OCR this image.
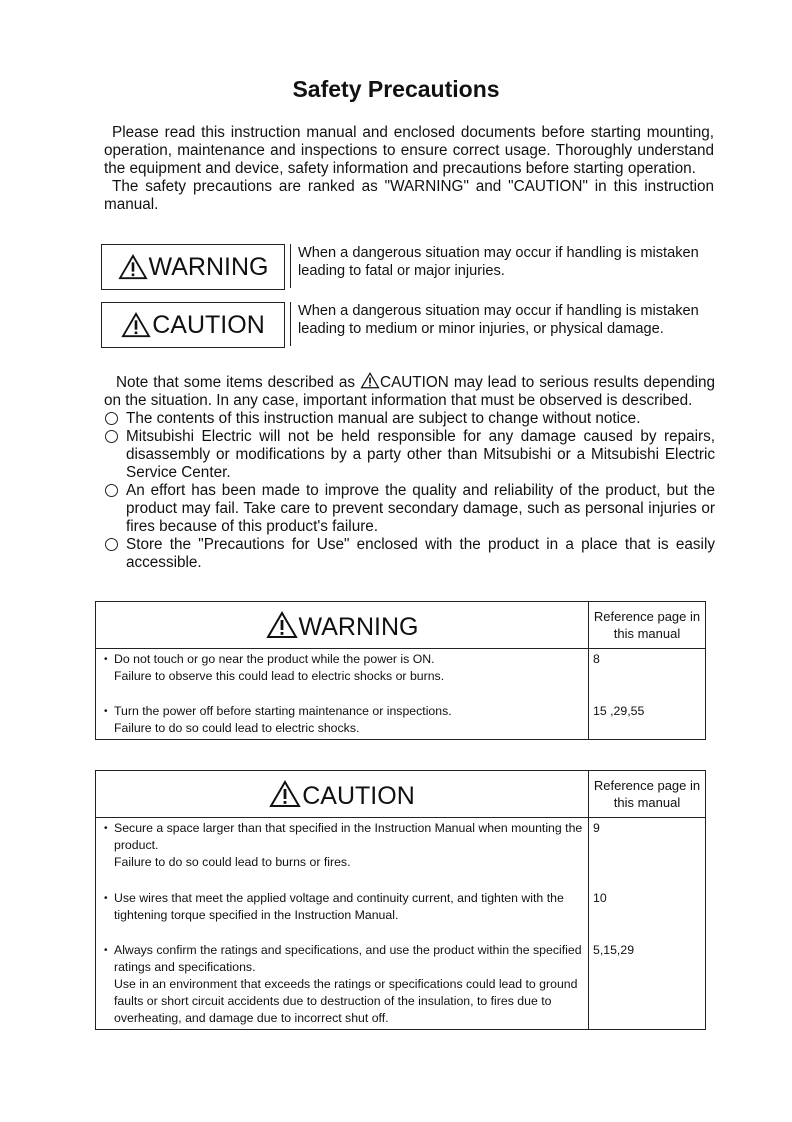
Safety Precautions

Please read this instruction manual and enclosed documents before starting mounting, operation, maintenance and inspections to ensure correct usage. Thoroughly understand the equipment and device, safety information and precautions before starting operation.

The safety precautions are ranked as "WARNING" and "CAUTION" in this instruction manual.

WARNING	When a dangerous situation may occur if handling is mistaken leading to fatal or major injuries.
CAUTION	When a dangerous situation may occur if handling is mistaken leading to medium or minor injuries, or physical damage.

Note that some items described as CAUTION may lead to serious results depending on the situation. In any case, important information that must be observed is described.

The contents of this instruction manual are subject to change without notice.
Mitsubishi Electric will not be held responsible for any damage caused by repairs, disassembly or modifications by a party other than Mitsubishi or a Mitsubishi Electric Service Center.
An effort has been made to improve the quality and reliability of the product, but the product may fail. Take care to prevent secondary damage, such as personal injuries or fires because of this product's failure.
Store the "Precautions for Use" enclosed with the product in a place that is easily accessible.
WARNING	Reference page in this manual

• Do not touch or go near the product while the power is ON.
Failure to observe this could lead to electric shocks or burns.	8

• Turn the power off before starting maintenance or inspections.
Failure to do so could lead to electric shocks.	15 ,29,55
CAUTION	Reference page in this manual

• Secure a space larger than that specified in the Instruction Manual when mounting the product.
Failure to do so could lead to burns or fires.	9

• Use wires that meet the applied voltage and continuity current, and tighten with the tightening torque specified in the Instruction Manual.	10

• Always confirm the ratings and specifications, and use the product within the specified ratings and specifications.
Use in an environment that exceeds the ratings or specifications could lead to ground faults or short circuit accidents due to destruction of the insulation, to fires due to overheating, and damage due to incorrect shut off.	5,15,29
